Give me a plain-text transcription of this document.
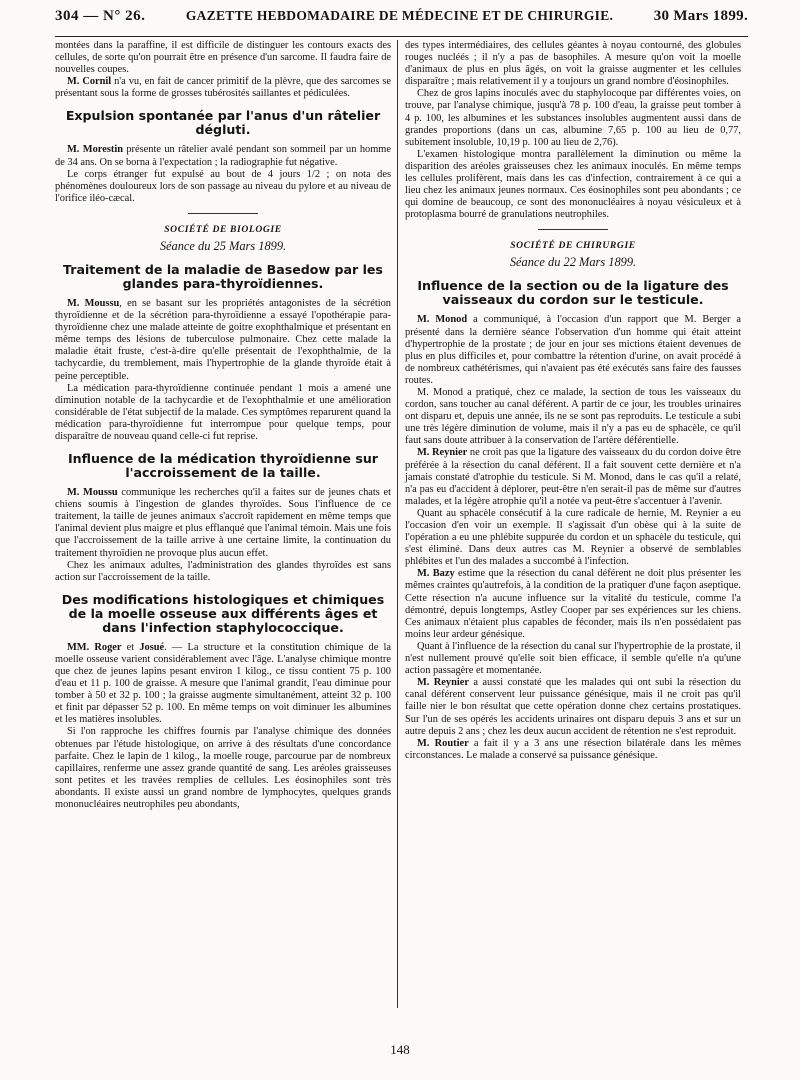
304 — N° 26.	GAZETTE HEBDOMADAIRE DE MÉDECINE ET DE CHIRURGIE.	30 Mars 1899.

montées dans la paraffine, il est difficile de distinguer les contours exacts des cellules, de sorte qu'on pourrait être en présence d'un sarcome. Il faudra faire de nouvelles coupes.

M. Cornil n'a vu, en fait de cancer primitif de la plèvre, que des sarcomes se présentant sous la forme de grosses tubérosités saillantes et pédiculées.

Expulsion spontanée par l'anus d'un râtelier dégluti.

M. Morestin présente un râtelier avalé pendant son sommeil par un homme de 34 ans. On se borna à l'expectation ; la radiographie fut négative.

Le corps étranger fut expulsé au bout de 4 jours 1/2 ; on nota des phénomènes douloureux lors de son passage au niveau du pylore et au niveau de l'orifice iléo-cæcal.

SOCIÉTÉ DE BIOLOGIE
Séance du 25 Mars 1899.
Traitement de la maladie de Basedow par les glandes para-thyroïdiennes.

M. Moussu, en se basant sur les propriétés antagonistes de la sécrétion thyroïdienne et de la sécrétion para-thyroïdienne a essayé l'opothérapie para-thyroïdienne chez une malade atteinte de goitre exophthalmique et présentant en même temps des lésions de tuberculose pulmonaire. Chez cette malade la maladie était fruste, c'est-à-dire qu'elle présentait de l'exophthalmie, de la tachycardie, du tremblement, mais l'hypertrophie de la glande thyroïde était à peine perceptible.

La médication para-thyroïdienne continuée pendant 1 mois a amené une diminution notable de la tachycardie et de l'exophthalmie et une amélioration considérable de l'état subjectif de la malade. Ces symptômes reparurent quand la médication para-thyroïdienne fut interrompue pour quelque temps, pour disparaître de nouveau quand celle-ci fut reprise.

Influence de la médication thyroïdienne sur l'accroissement de la taille.

M. Moussu communique les recherches qu'il a faites sur de jeunes chats et chiens soumis à l'ingestion de glandes thyroïdes. Sous l'influence de ce traitement, la taille de jeunes animaux s'accroît rapidement en même temps que l'animal devient plus maigre et plus efflanqué que l'animal témoin. Mais une fois que l'accroissement de la taille arrive à une certaine limite, la continuation du traitement thyroïdien ne provoque plus aucun effet.

Chez les animaux adultes, l'administration des glandes thyroïdes est sans action sur l'accroissement de la taille.

Des modifications histologiques et chimiques de la moelle osseuse aux différents âges et dans l'infection staphylococcique.

MM. Roger et Josué. — La structure et la constitution chimique de la moelle osseuse varient considérablement avec l'âge. L'analyse chimique montre que chez de jeunes lapins pesant environ 1 kilog., ce tissu contient 75 p. 100 d'eau et 11 p. 100 de graisse. A mesure que l'animal grandit, l'eau diminue pour tomber à 50 et 32 p. 100 ; la graisse augmente simultanément, atteint 32 p. 100 et finit par dépasser 52 p. 100. En même temps on voit diminuer les albumines et les matières insolubles.

Si l'on rapproche les chiffres fournis par l'analyse chimique des données obtenues par l'étude histologique, on arrive à des résultats d'une concordance parfaite. Chez le lapin de 1 kilog., la moelle rouge, parcourue par de nombreux capillaires, renferme une assez grande quantité de sang. Les aréoles graisseuses sont petites et les travées remplies de cellules. Les éosinophiles sont très abondants. Il existe aussi un grand nombre de lymphocytes, quelques grands mononucléaires neutrophiles peu abondants,

des types intermédiaires, des cellules géantes à noyau contourné, des globules rouges nucléés ; il n'y a pas de basophiles. A mesure qu'on voit la moelle d'animaux de plus en plus âgés, on voit la graisse augmenter et les cellules disparaître ; mais relativement il y a toujours un grand nombre d'éosinophiles.

Chez de gros lapins inoculés avec du staphylocoque par différentes voies, on trouve, par l'analyse chimique, jusqu'à 78 p. 100 d'eau, la graisse peut tomber à 4 p. 100, les albumines et les substances insolubles augmentent aussi dans de grandes proportions (dans un cas, albumine 7,65 p. 100 au lieu de 0,77, subitement insoluble, 10,19 p. 100 au lieu de 2,76).

L'examen histologique montra parallèlement la diminution ou même la disparition des aréoles graisseuses chez les animaux inoculés. En même temps les cellules prolifèrent, mais dans les cas d'infection, contrairement à ce qui a lieu chez les animaux jeunes normaux. Ces éosinophiles sont peu abondants ; ce qui domine de beaucoup, ce sont des mononucléaires à noyau vésiculeux et à protoplasma bourré de granulations neutrophiles.

SOCIÉTÉ DE CHIRURGIE
Séance du 22 Mars 1899.
Influence de la section ou de la ligature des vaisseaux du cordon sur le testicule.

M. Monod a communiqué, à l'occasion d'un rapport que M. Berger a présenté dans la dernière séance l'observation d'un homme qui était atteint d'hypertrophie de la prostate ; de jour en jour ses mictions étaient devenues de plus en plus difficiles et, pour combattre la rétention d'urine, on avait procédé à de nombreux cathétérismes, qui n'avaient pas été exécutés sans faire des fausses routes.

M. Monod a pratiqué, chez ce malade, la section de tous les vaisseaux du cordon, sans toucher au canal déférent. A partir de ce jour, les troubles urinaires ont disparu et, depuis une année, ils ne se sont pas reproduits. Le testicule a subi une très légère diminution de volume, mais il n'y a pas eu de sphacèle, ce qu'il faut sans doute attribuer à la conservation de l'artère déférentielle.

M. Reynier ne croit pas que la ligature des vaisseaux du du cordon doive être préférée à la résection du canal déférent. Il a fait souvent cette dernière et n'a jamais constaté d'atrophie du testicule. Si M. Monod, dans le cas qu'il a relaté, n'a pas eu d'accident à déplorer, peut-être n'en serait-il pas de même sur d'autres malades, et la légère atrophie qu'il a notée va peut-être s'accentuer à l'avenir.

Quant au sphacèle consécutif à la cure radicale de hernie, M. Reynier a eu l'occasion d'en voir un exemple. Il s'agissait d'un obèse qui à la suite de l'opération a eu une phlébite suppurée du cordon et un sphacèle du testicule, qui s'est éliminé. Dans deux autres cas M. Reynier a observé de semblables phlébites et l'un des malades a succombé à l'infection.

M. Bazy estime que la résection du canal déférent ne doit plus présenter les mêmes craintes qu'autrefois, à la condition de la pratiquer d'une façon aseptique. Cette résection n'a aucune influence sur la vitalité du testicule, comme l'a démontré, depuis longtemps, Astley Cooper par ses expériences sur les chiens. Ces animaux n'étaient plus capables de féconder, mais ils n'en possédaient pas moins leur ardeur génésique.

Quant à l'influence de la résection du canal sur l'hypertrophie de la prostate, il n'est nullement prouvé qu'elle soit bien efficace, il semble qu'elle n'a qu'une action passagère et momentanée.

M. Reynier a aussi constaté que les malades qui ont subi la résection du canal déférent conservent leur puissance génésique, mais il ne croit pas qu'il faille nier le bon résultat que cette opération donne chez certains prostatiques. Sur l'un de ses opérés les accidents urinaires ont disparu depuis 3 ans et sur un autre depuis 2 ans ; chez les deux aucun accident de rétention ne s'est reproduit.

M. Routier a fait il y a 3 ans une résection bilatérale dans les mêmes circonstances. Le malade a conservé sa puissance génésique.

148
